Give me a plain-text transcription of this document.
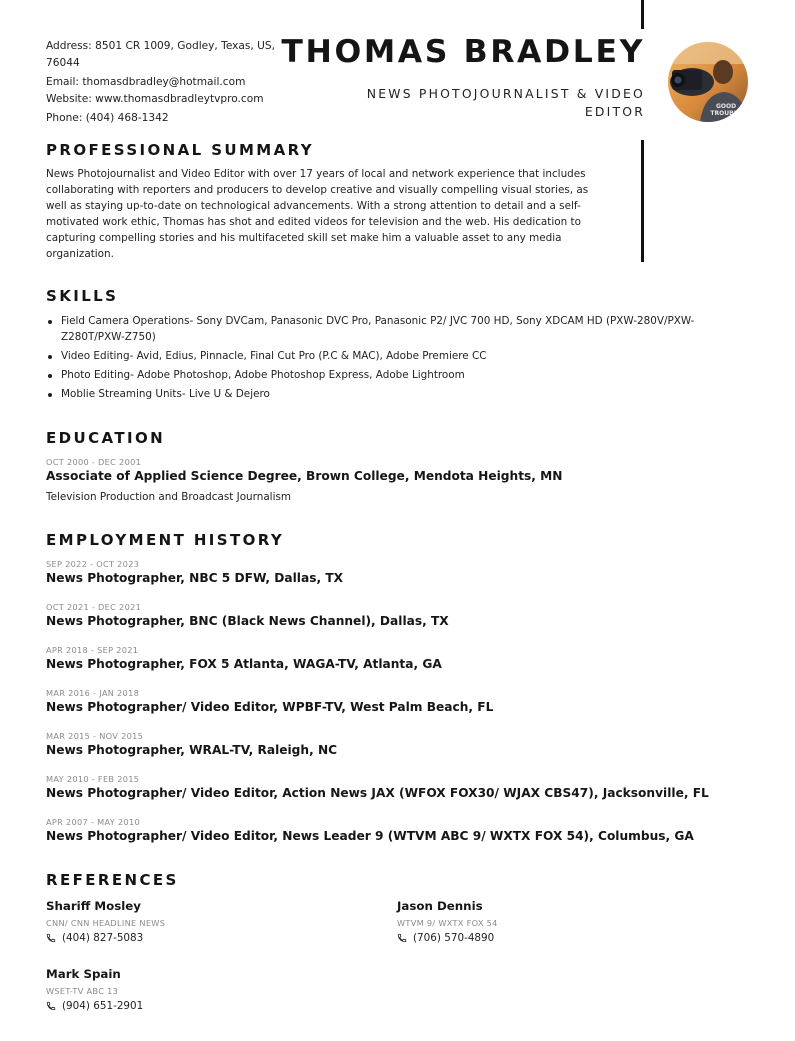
Address: 8501 CR 1009, Godley, Texas, US, 76044
Email: thomasdbradley@hotmail.com
Website: www.thomasdbradleytvpro.com
Phone: (404) 468-1342
THOMAS BRADLEY
NEWS PHOTOJOURNALIST & VIDEO EDITOR	GOOD
TROUBLE
PROFESSIONAL SUMMARY
News Photojournalist and Video Editor with over 17 years of local and network experience that includes collaborating with reporters and producers to develop creative and visually compelling visual stories, as well as staying up-to-date on technological advancements. With a strong attention to detail and a self-motivated work ethic, Thomas has shot and edited videos for television and the web. His dedication to capturing compelling stories and his multifaceted skill set make him a valuable asset to any media organization.
SKILLS
Field Camera Operations- Sony DVCam, Panasonic DVC Pro, Panasonic P2/ JVC 700 HD, Sony XDCAM HD (PXW-280V/PXW-Z280T/PXW-Z750)
Video Editing- Avid, Edius, Pinnacle, Final Cut Pro (P.C & MAC), Adobe Premiere CC
Photo Editing- Adobe Photoshop, Adobe Photoshop Express, Adobe Lightroom
Moblie Streaming Units- Live U & Dejero
EDUCATION
OCT 2000 - DEC 2001
Associate of Applied Science Degree, Brown College, Mendota Heights, MN
Television Production and Broadcast Journalism
EMPLOYMENT HISTORY
SEP 2022 - OCT 2023
News Photographer, NBC 5 DFW, Dallas, TX
OCT 2021 - DEC 2021
News Photographer, BNC (Black News Channel), Dallas, TX
APR 2018 - SEP 2021
News Photographer, FOX 5 Atlanta, WAGA-TV, Atlanta, GA
MAR 2016 - JAN 2018
News Photographer/ Video Editor, WPBF-TV, West Palm Beach, FL
MAR 2015 - NOV 2015
News Photographer, WRAL-TV, Raleigh, NC
MAY 2010 - FEB 2015
News Photographer/ Video Editor, Action News JAX (WFOX FOX30/ WJAX CBS47), Jacksonville, FL
APR 2007 - MAY 2010
News Photographer/ Video Editor, News Leader 9 (WTVM ABC 9/ WXTX FOX 54), Columbus, GA
REFERENCES
Shariff Mosley
CNN/ CNN HEADLINE NEWS
(404) 827-5083
Jason Dennis
WTVM 9/ WXTX FOX 54
(706) 570-4890
Mark Spain
WSET-TV ABC 13
(904) 651-2901
